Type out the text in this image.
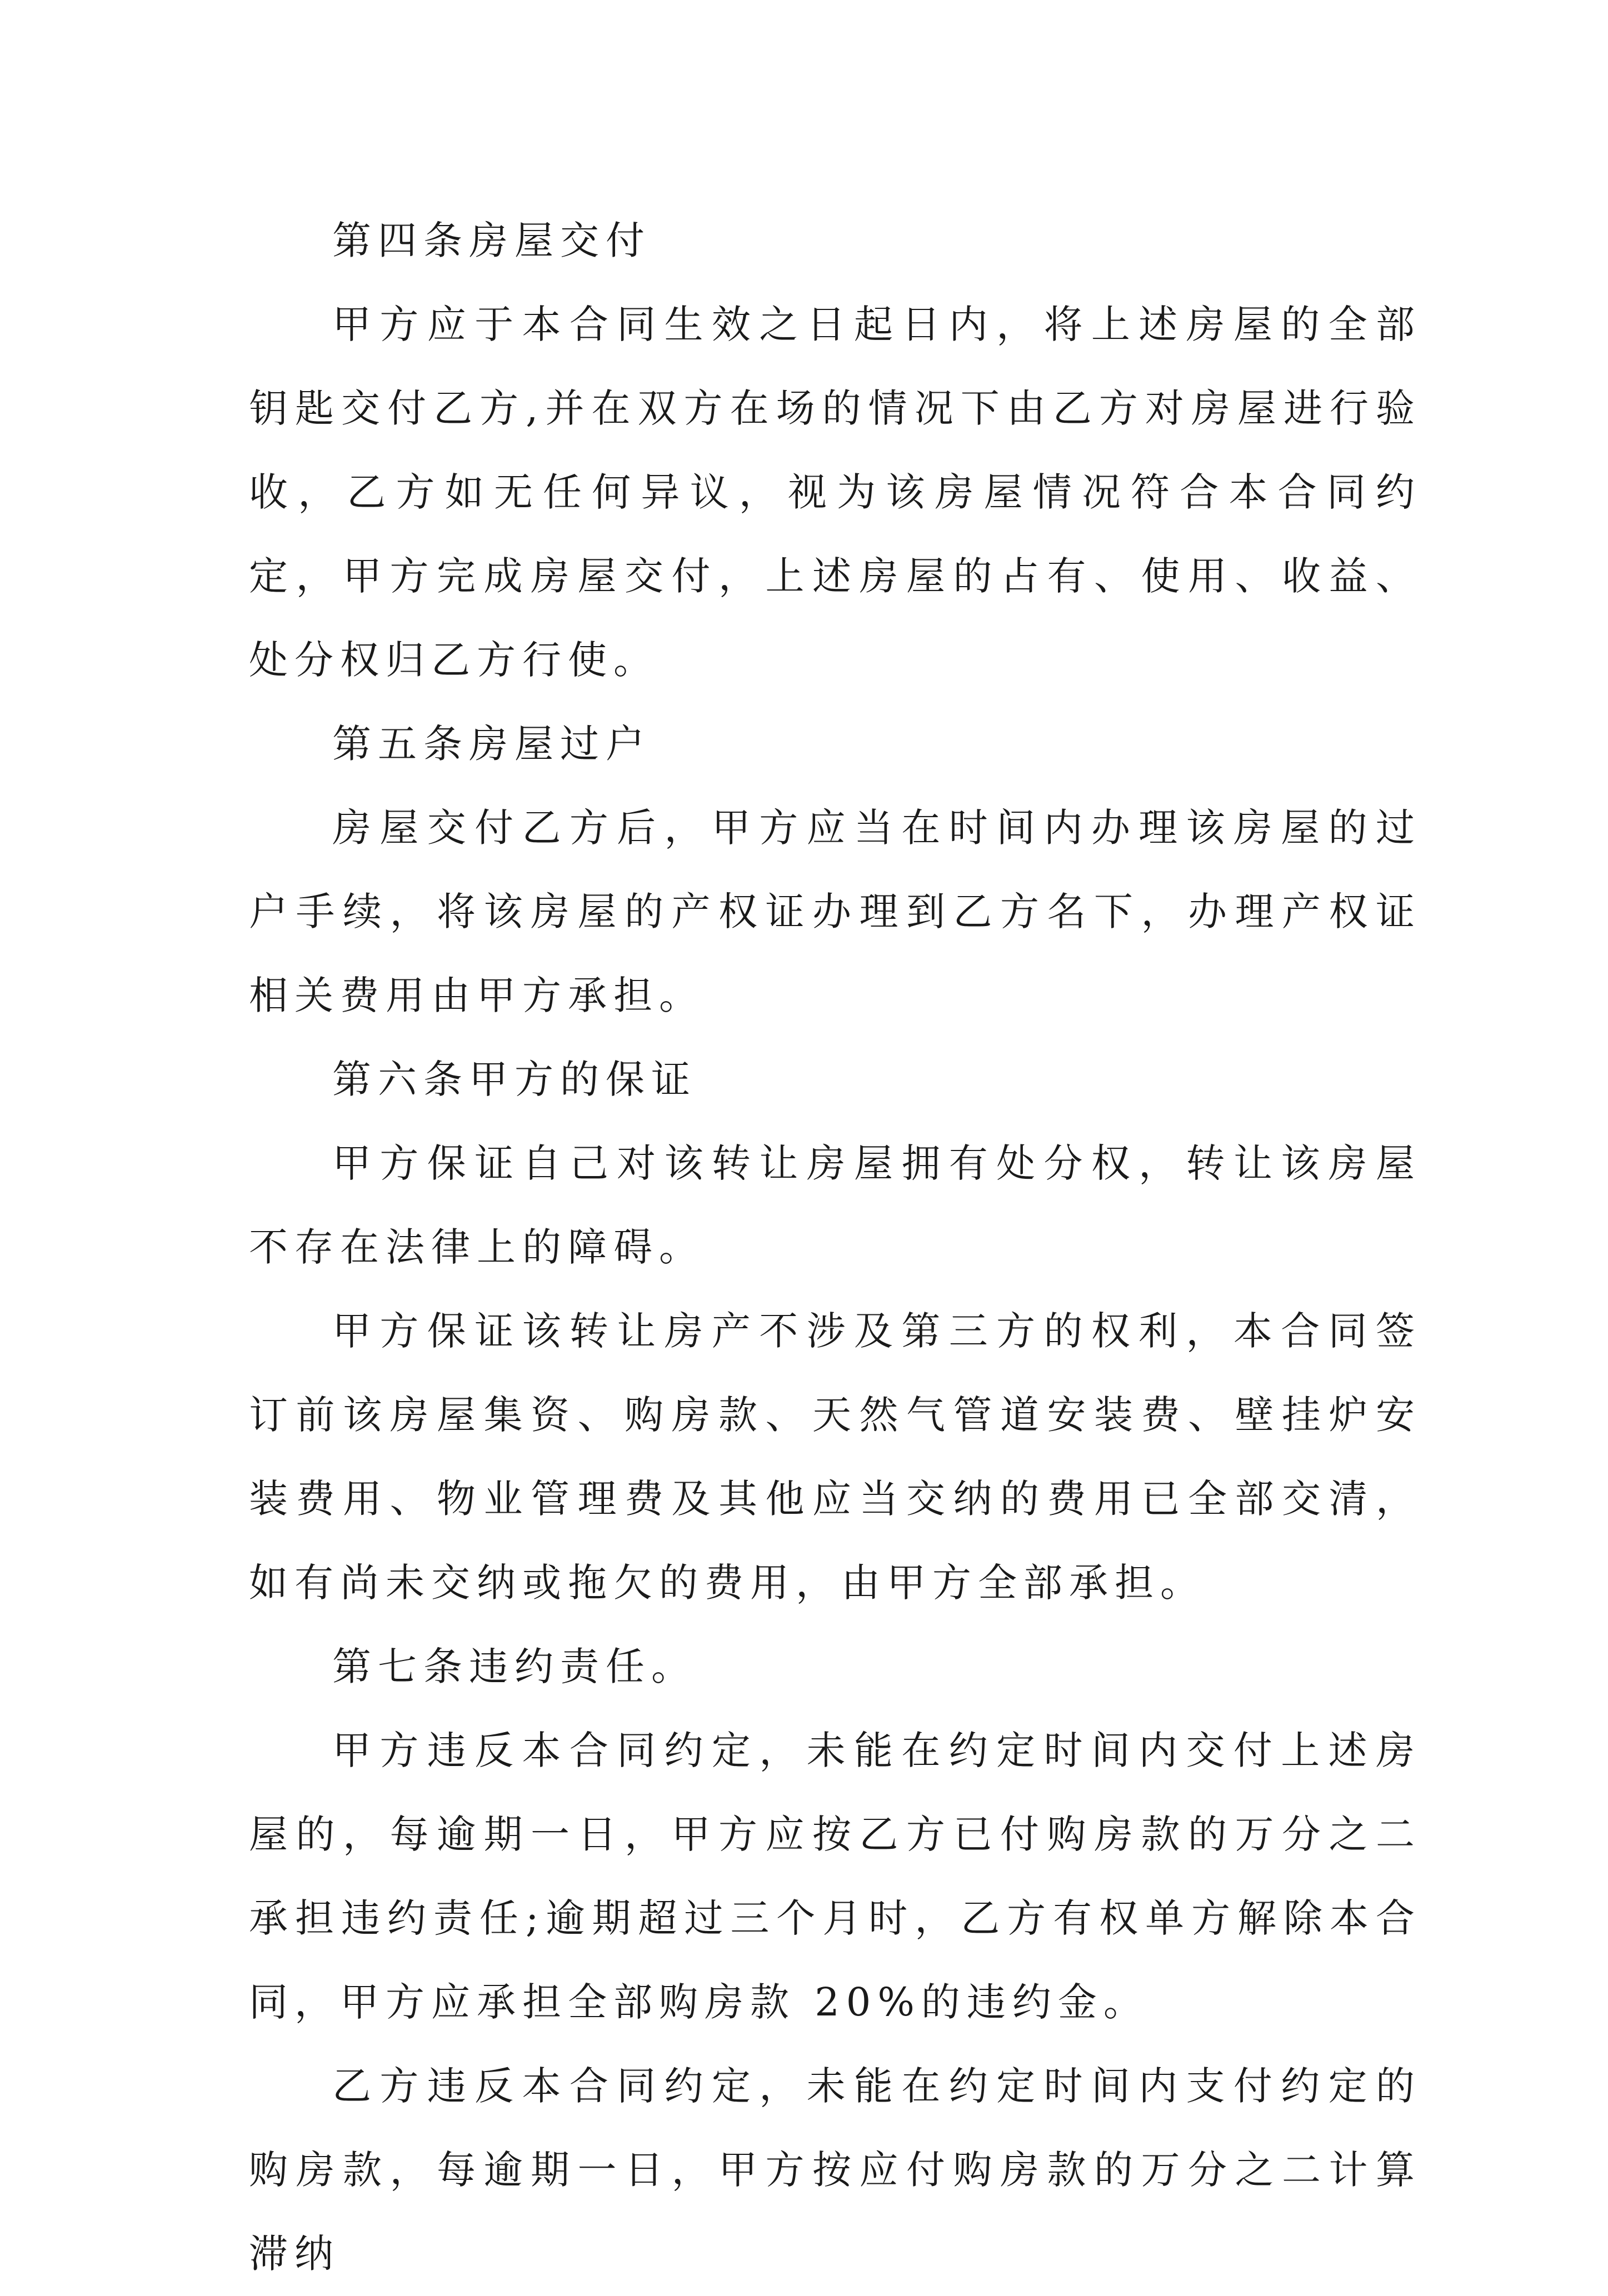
第四条房屋交付

甲方应于本合同生效之日起日内，将上述房屋的全部钥匙交付乙方,并在双方在场的情况下由乙方对房屋进行验收，乙方如无任何异议，视为该房屋情况符合本合同约定，甲方完成房屋交付，上述房屋的占有、使用、收益、处分权归乙方行使。

第五条房屋过户

房屋交付乙方后，甲方应当在时间内办理该房屋的过户手续，将该房屋的产权证办理到乙方名下，办理产权证相关费用由甲方承担。

第六条甲方的保证

甲方保证自己对该转让房屋拥有处分权，转让该房屋不存在法律上的障碍。

甲方保证该转让房产不涉及第三方的权利，本合同签订前该房屋集资、购房款、天然气管道安装费、壁挂炉安装费用、物业管理费及其他应当交纳的费用已全部交清，如有尚未交纳或拖欠的费用，由甲方全部承担。

第七条违约责任。

甲方违反本合同约定，未能在约定时间内交付上述房屋的，每逾期一日，甲方应按乙方已付购房款的万分之二承担违约责任;逾期超过三个月时，乙方有权单方解除本合同，甲方应承担全部购房款 20%的违约金。

乙方违反本合同约定，未能在约定时间内支付约定的购房款，每逾期一日，甲方按应付购房款的万分之二计算滞纳
